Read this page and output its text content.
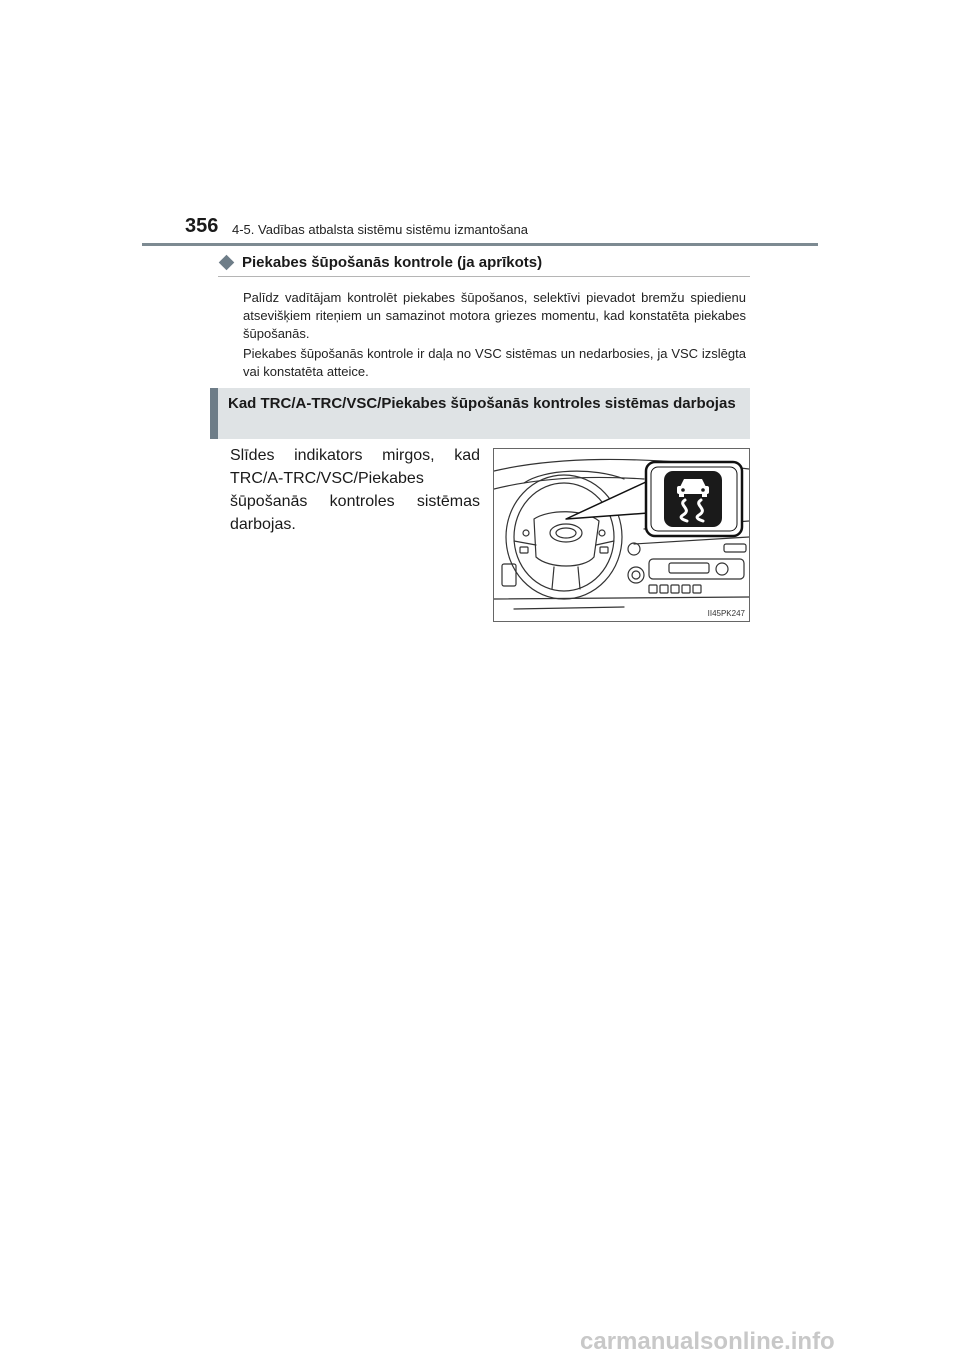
356 4-5. Vadības atbalsta sistēmu sistēmu izmantošana
Piekabes šūpošanās kontrole (ja aprīkots)

Palīdz vadītājam kontrolēt piekabes šūpošanos, selektīvi pievadot bremžu spiedienu atsevišķiem riteņiem un samazinot motora griezes momentu, kad konstatēta piekabes šūpošanās.

Piekabes šūpošanās kontrole ir daļa no VSC sistēmas un nedarbosies, ja VSC izslēgta vai konstatēta atteice.

Kad TRC/A-TRC/VSC/Piekabes šūpošanās kontroles sistēmas darbojas

Slīdes indikators mirgos, kad TRC/A-TRC/VSC/Piekabes šūpošanās kontroles sistēmas darbojas.

II45PK247
carmanualsonline.info
